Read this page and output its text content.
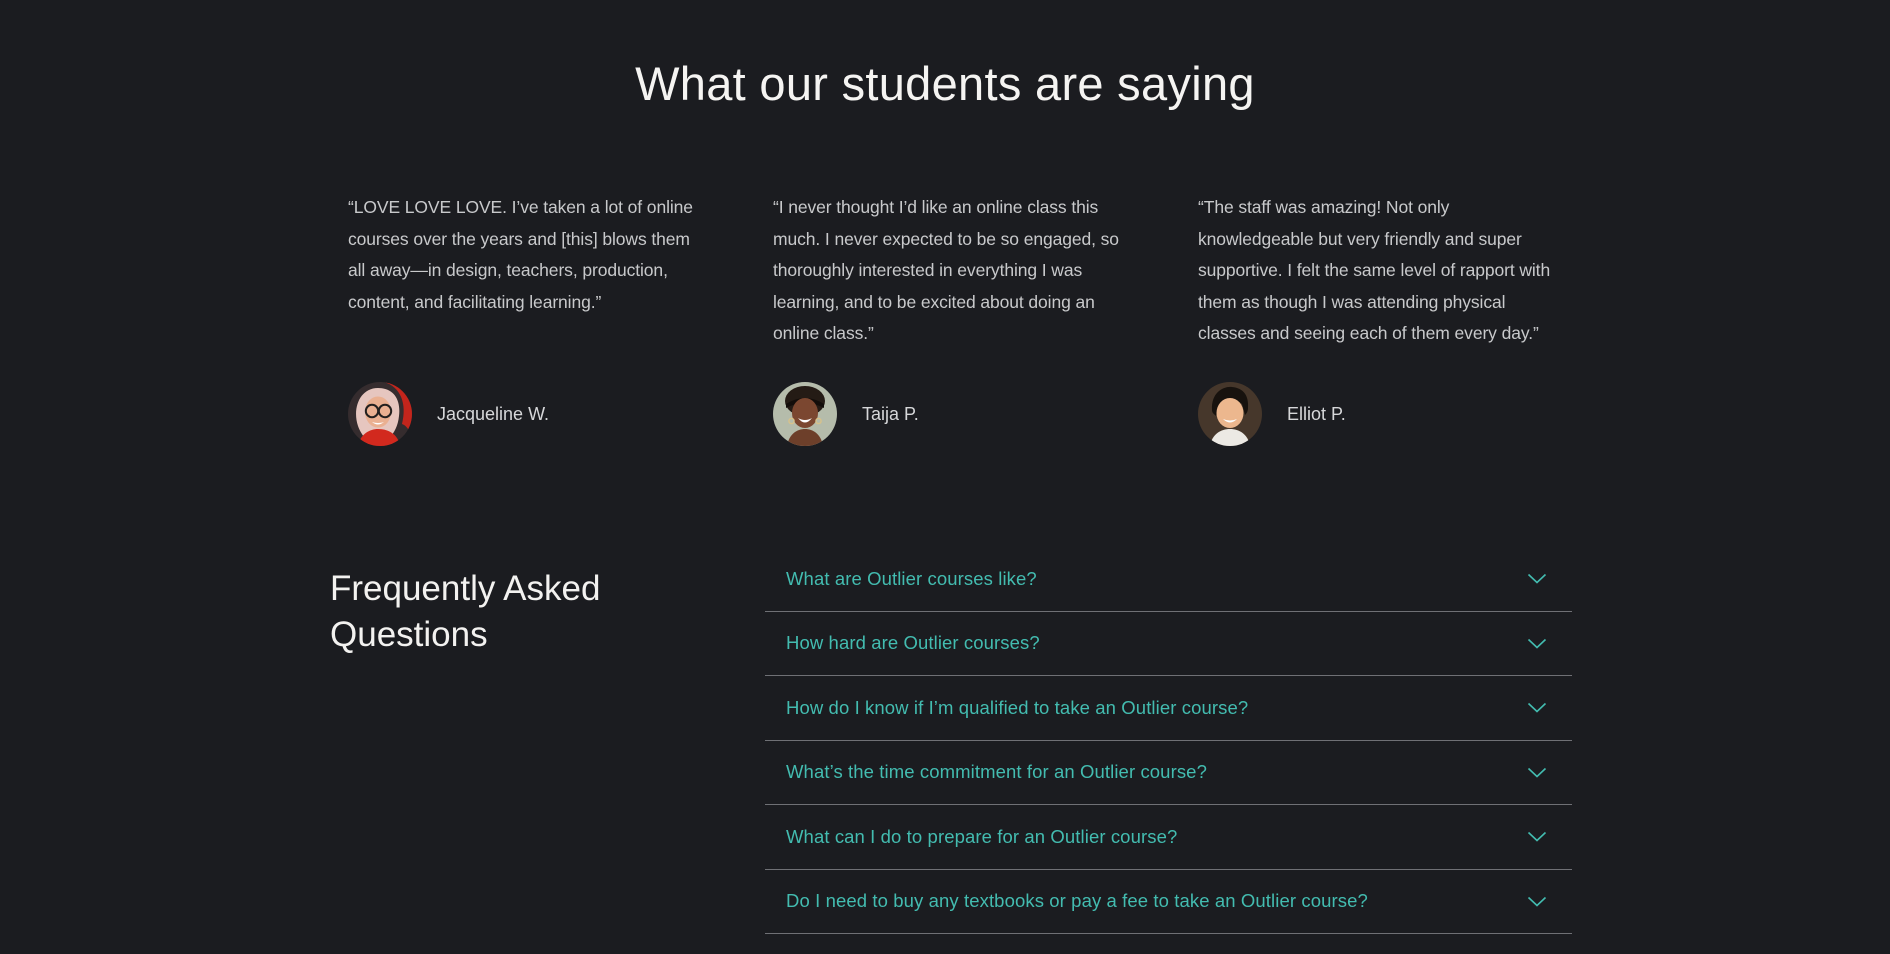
What our students are saying

“LOVE LOVE LOVE. I’ve taken a lot of online courses over the years and [this] blows them all away—in design, teachers, production, content, and facilitating learning.”

Jacqueline W.

“I never thought I’d like an online class this much. I never expected to be so engaged, so thoroughly interested in everything I was learning, and to be excited about doing an online class.”

Taija P.

“The staff was amazing! Not only knowledgeable but very friendly and super supportive. I felt the same level of rapport with them as though I was attending physical classes and seeing each of them every day.”

Elliot P.
Frequently Asked Questions
What are Outlier courses like?
How hard are Outlier courses?
How do I know if I’m qualified to take an Outlier course?
What’s the time commitment for an Outlier course?
What can I do to prepare for an Outlier course?
Do I need to buy any textbooks or pay a fee to take an Outlier course?
